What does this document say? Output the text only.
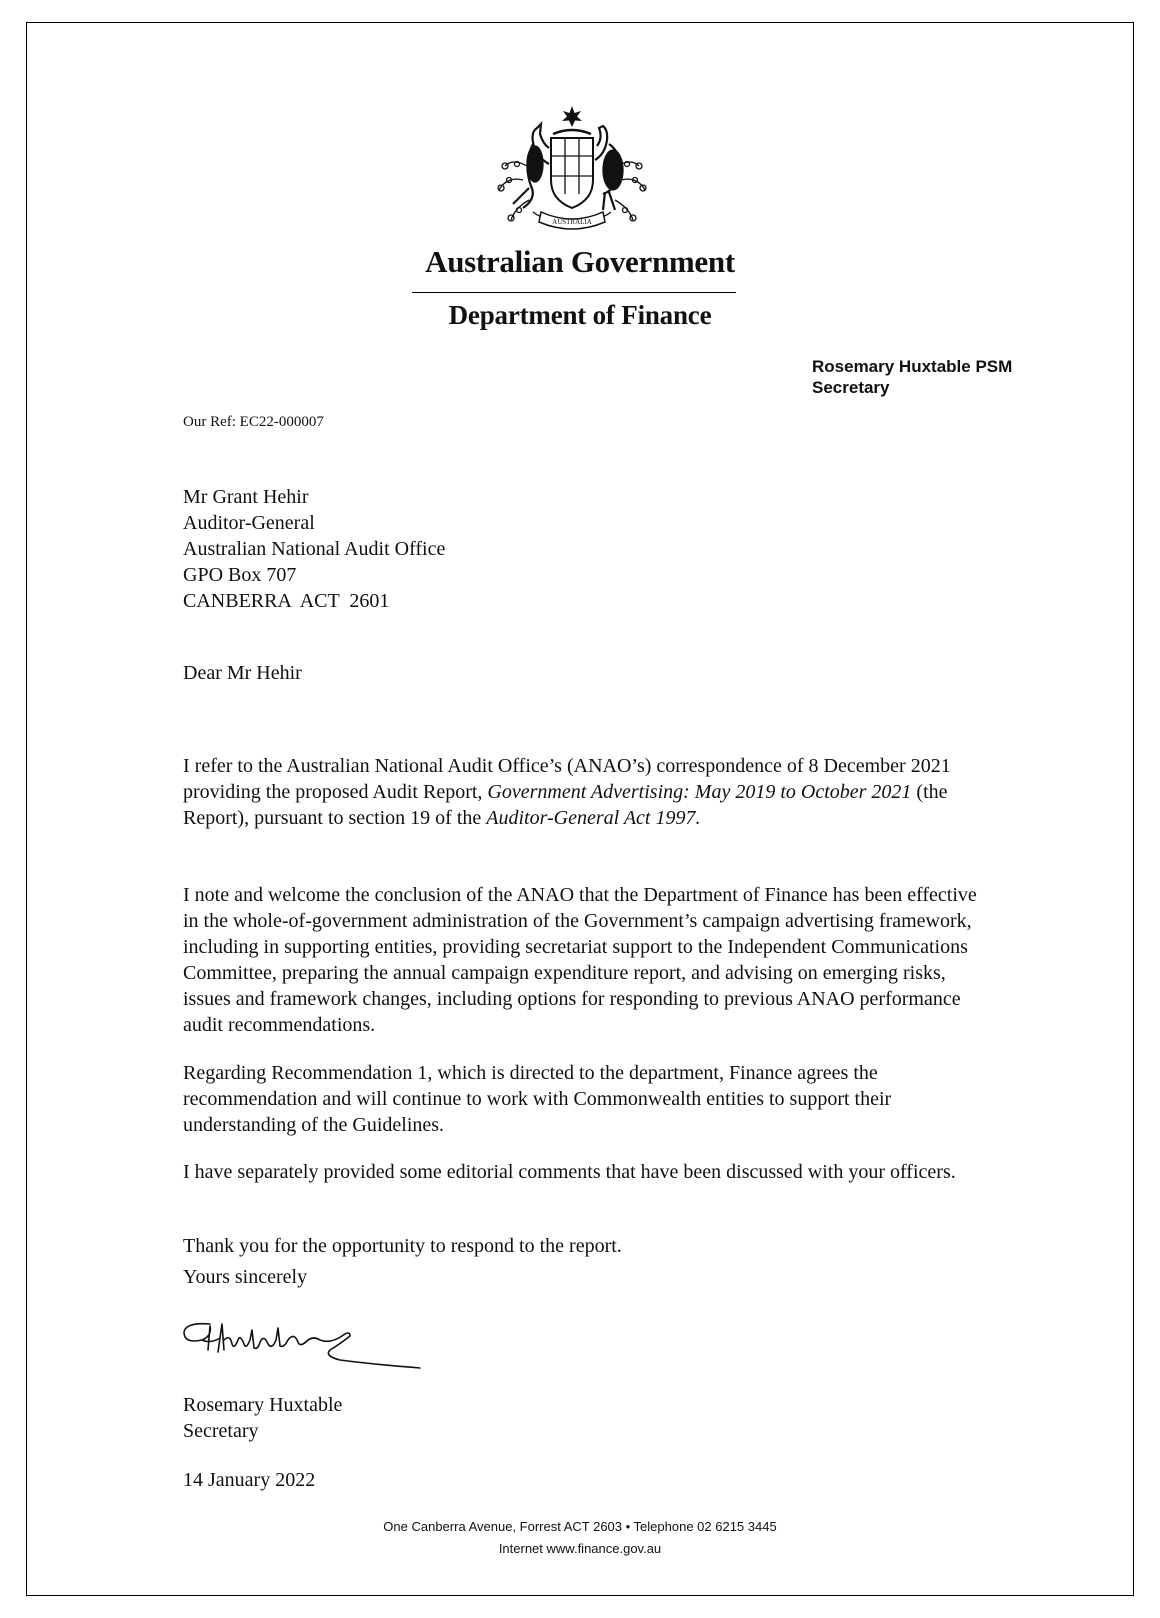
AUSTRALIA
Australian Government
Department of Finance
Rosemary Huxtable PSM
Secretary
Our Ref: EC22-000007
Mr Grant Hehir
Auditor-General
Australian National Audit Office
GPO Box 707
CANBERRA  ACT  2601
Dear Mr Hehir

I refer to the Australian National Audit Office’s (ANAO’s) correspondence of 8 December 2021 providing the proposed Audit Report, Government Advertising: May 2019 to October 2021 (the Report), pursuant to section 19 of the Auditor-General Act 1997.

I note and welcome the conclusion of the ANAO that the Department of Finance has been effective in the whole-of-government administration of the Government’s campaign advertising framework, including in supporting entities, providing secretariat support to the Independent Communications Committee, preparing the annual campaign expenditure report, and advising on emerging risks, issues and framework changes, including options for responding to previous ANAO performance audit recommendations.

Regarding Recommendation 1, which is directed to the department, Finance agrees the recommendation and will continue to work with Commonwealth entities to support their understanding of the Guidelines.

I have separately provided some editorial comments that have been discussed with your officers.

Thank you for the opportunity to respond to the report.

Yours sincerely
Rosemary Huxtable
Secretary
14 January 2022
One Canberra Avenue, Forrest ACT 2603 • Telephone 02 6215 3445
Internet www.finance.gov.au
